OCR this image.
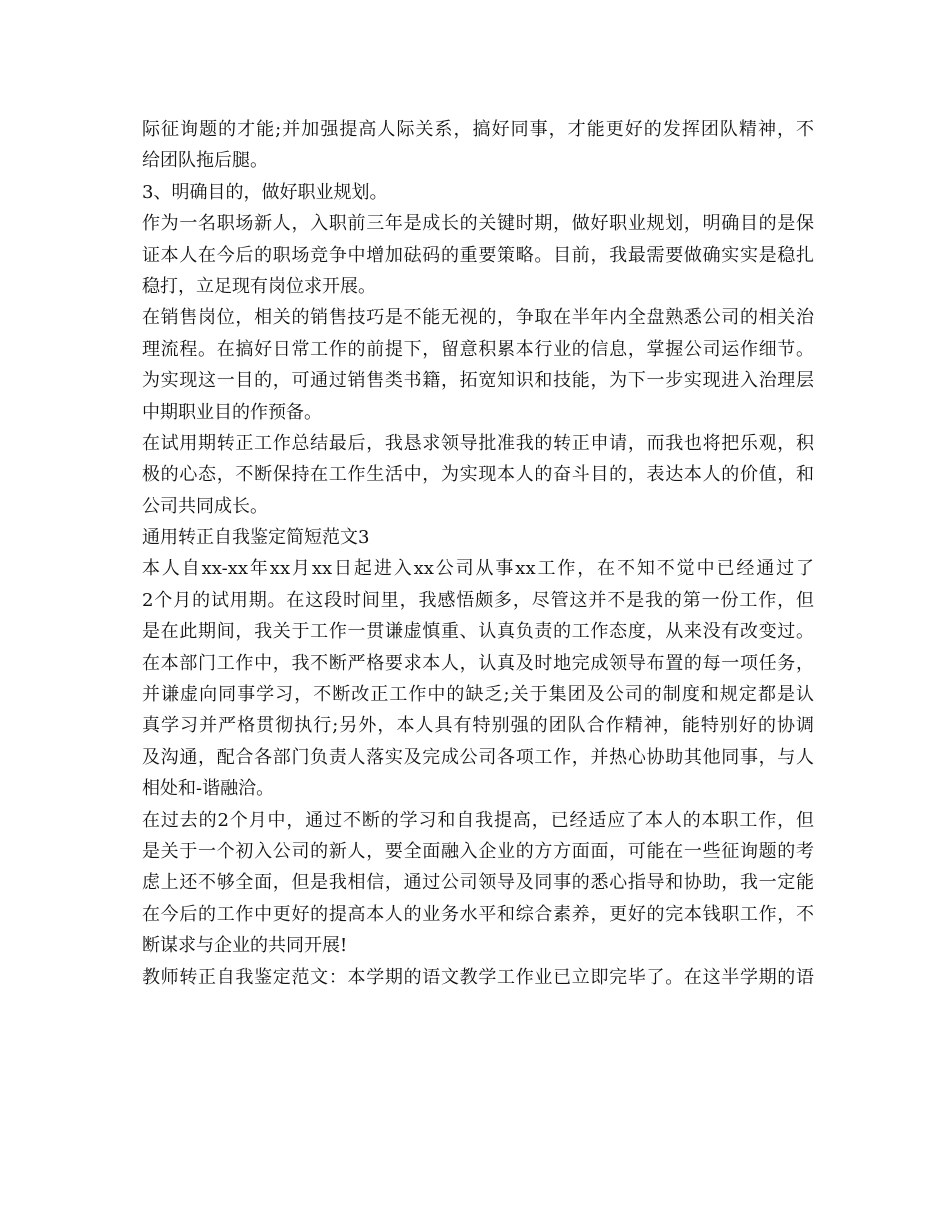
际征询题的才能;并加强提高人际关系，搞好同事，才能更好的发挥团队精神，不
给团队拖后腿。
3、明确目的，做好职业规划。
作为一名职场新人，入职前三年是成长的关键时期，做好职业规划，明确目的是保
证本人在今后的职场竞争中增加砝码的重要策略。目前，我最需要做确实实是稳扎
稳打，立足现有岗位求开展。
在销售岗位，相关的销售技巧是不能无视的，争取在半年内全盘熟悉公司的相关治
理流程。在搞好日常工作的前提下，留意积累本行业的信息，掌握公司运作细节。
为实现这一目的，可通过销售类书籍，拓宽知识和技能，为下一步实现进入治理层
中期职业目的作预备。
在试用期转正工作总结最后，我恳求领导批准我的转正申请，而我也将把乐观，积
极的心态，不断保持在工作生活中，为实现本人的奋斗目的，表达本人的价值，和
公司共同成长。
通用转正自我鉴定简短范文3
本人自xx-xx年xx月xx日起进入xx公司从事xx工作，在不知不觉中已经通过了
2个月的试用期。在这段时间里，我感悟颇多，尽管这并不是我的第一份工作，但
是在此期间，我关于工作一贯谦虚慎重、认真负责的工作态度，从来没有改变过。
在本部门工作中，我不断严格要求本人，认真及时地完成领导布置的每一项任务，
并谦虚向同事学习，不断改正工作中的缺乏;关于集团及公司的制度和规定都是认
真学习并严格贯彻执行;另外，本人具有特别强的团队合作精神，能特别好的协调
及沟通，配合各部门负责人落实及完成公司各项工作，并热心协助其他同事，与人
相处和-谐融洽。
在过去的2个月中，通过不断的学习和自我提高，已经适应了本人的本职工作，但
是关于一个初入公司的新人，要全面融入企业的方方面面，可能在一些征询题的考
虑上还不够全面，但是我相信，通过公司领导及同事的悉心指导和协助，我一定能
在今后的工作中更好的提高本人的业务水平和综合素养，更好的完本钱职工作，不
断谋求与企业的共同开展!
教师转正自我鉴定范文：本学期的语文教学工作业已立即完毕了。在这半学期的语
